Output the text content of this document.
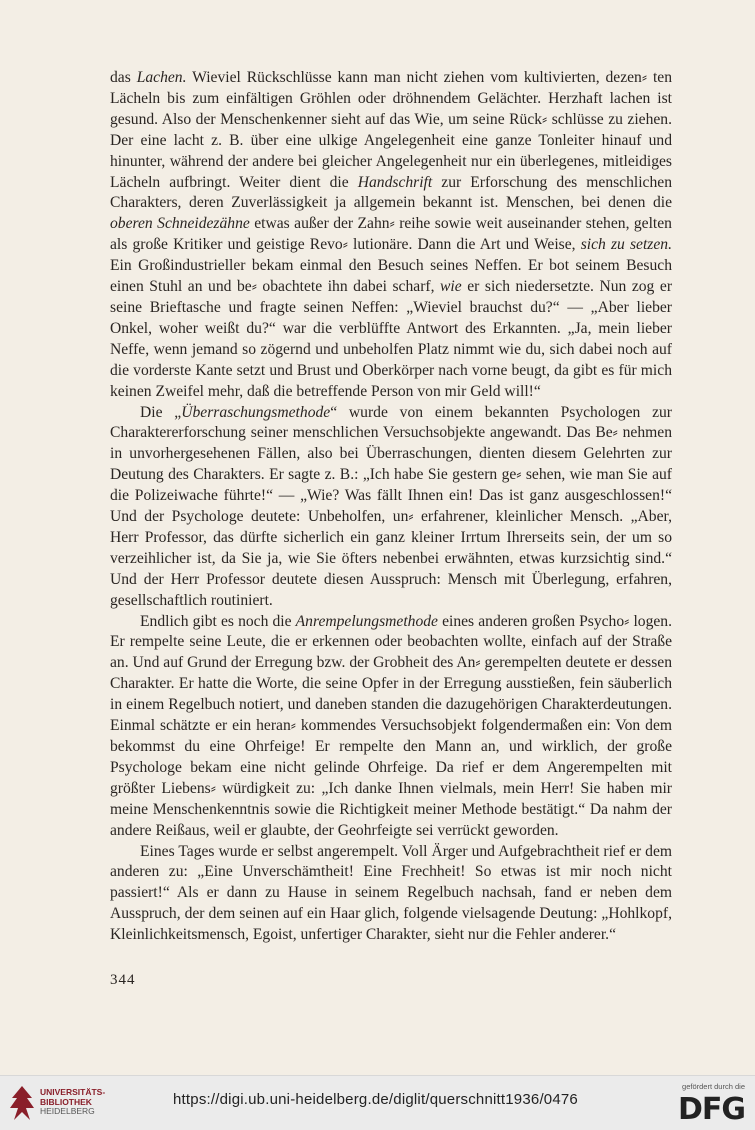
das Lachen. Wieviel Rückschlüsse kann man nicht ziehen vom kultivierten, dezen⸗ ten Lächeln bis zum einfältigen Gröhlen oder dröhnendem Gelächter. Herzhaft lachen ist gesund. Also der Menschenkenner sieht auf das Wie, um seine Rück⸗ schlüsse zu ziehen. Der eine lacht z. B. über eine ulkige Angelegenheit eine ganze Tonleiter hinauf und hinunter, während der andere bei gleicher Angelegenheit nur ein überlegenes, mitleidiges Lächeln aufbringt. Weiter dient die Handschrift zur Erforschung des menschlichen Charakters, deren Zuverlässigkeit ja allgemein bekannt ist. Menschen, bei denen die oberen Schneidezähne etwas außer der Zahn⸗ reihe sowie weit auseinander stehen, gelten als große Kritiker und geistige Revo⸗ lutionäre. Dann die Art und Weise, sich zu setzen. Ein Großindustrieller bekam einmal den Besuch seines Neffen. Er bot seinem Besuch einen Stuhl an und be⸗ obachtete ihn dabei scharf, wie er sich niedersetzte. Nun zog er seine Brieftasche und fragte seinen Neffen: „Wieviel brauchst du?“ — „Aber lieber Onkel, woher weißt du?“ war die verblüffte Antwort des Erkannten. „Ja, mein lieber Neffe, wenn jemand so zögernd und unbeholfen Platz nimmt wie du, sich dabei noch auf die vorderste Kante setzt und Brust und Oberkörper nach vorne beugt, da gibt es für mich keinen Zweifel mehr, daß die betreffende Person von mir Geld will!“

Die „Überraschungsmethode“ wurde von einem bekannten Psychologen zur Charaktererforschung seiner menschlichen Versuchsobjekte angewandt. Das Be⸗ nehmen in unvorhergesehenen Fällen, also bei Überraschungen, dienten diesem Gelehrten zur Deutung des Charakters. Er sagte z. B.: „Ich habe Sie gestern ge⸗ sehen, wie man Sie auf die Polizeiwache führte!“ — „Wie? Was fällt Ihnen ein! Das ist ganz ausgeschlossen!“ Und der Psychologe deutete: Unbeholfen, un⸗ erfahrener, kleinlicher Mensch. „Aber, Herr Professor, das dürfte sicherlich ein ganz kleiner Irrtum Ihrerseits sein, der um so verzeihlicher ist, da Sie ja, wie Sie öfters nebenbei erwähnten, etwas kurzsichtig sind.“ Und der Herr Professor deutete diesen Ausspruch: Mensch mit Überlegung, erfahren, gesellschaftlich routiniert.

Endlich gibt es noch die Anrempelungsmethode eines anderen großen Psycho⸗ logen. Er rempelte seine Leute, die er erkennen oder beobachten wollte, einfach auf der Straße an. Und auf Grund der Erregung bzw. der Grobheit des An⸗ gerempelten deutete er dessen Charakter. Er hatte die Worte, die seine Opfer in der Erregung ausstießen, fein säuberlich in einem Regelbuch notiert, und daneben standen die dazugehörigen Charakterdeutungen. Einmal schätzte er ein heran⸗ kommendes Versuchsobjekt folgendermaßen ein: Von dem bekommst du eine Ohrfeige! Er rempelte den Mann an, und wirklich, der große Psychologe bekam eine nicht gelinde Ohrfeige. Da rief er dem Angerempelten mit größter Liebens⸗ würdigkeit zu: „Ich danke Ihnen vielmals, mein Herr! Sie haben mir meine Menschenkenntnis sowie die Richtigkeit meiner Methode bestätigt.“ Da nahm der andere Reißaus, weil er glaubte, der Geohrfeigte sei verrückt geworden.

Eines Tages wurde er selbst angerempelt. Voll Ärger und Aufgebrachtheit rief er dem anderen zu: „Eine Unverschämtheit! Eine Frechheit! So etwas ist mir noch nicht passiert!“ Als er dann zu Hause in seinem Regelbuch nachsah, fand er neben dem Ausspruch, der dem seinen auf ein Haar glich, folgende vielsagende Deutung: „Hohlkopf, Kleinlichkeitsmensch, Egoist, unfertiger Charakter, sieht nur die Fehler anderer.“

344
UNIVERSITÄTS-
BIBLIOTHEK
HEIDELBERG
https://digi.ub.uni-heidelberg.de/diglit/querschnitt1936/0476
gefördert durch die
DFG
